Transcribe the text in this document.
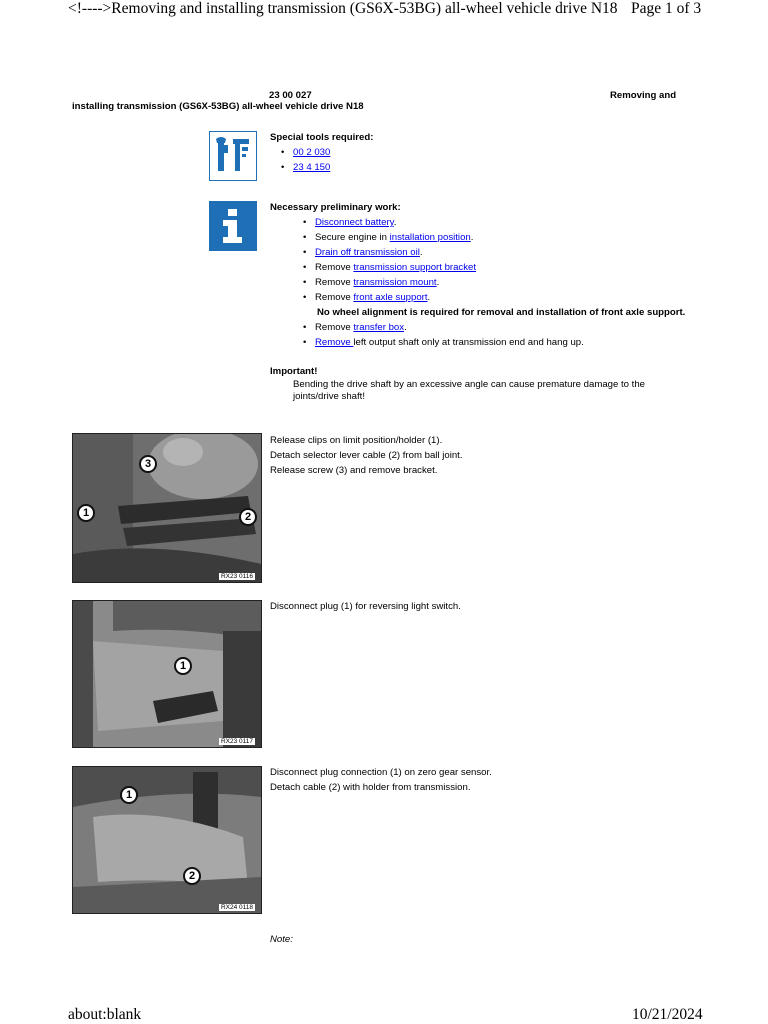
<!---->Removing and installing transmission (GS6X-53BG) all-wheel vehicle drive N18 Page 1 of 3
23 00 027	Removing and
installing transmission (GS6X-53BG) all-wheel vehicle drive N18
Special tools required:
• 00 2 030
• 23 4 150
Necessary preliminary work:
• Disconnect battery.
• Secure engine in installation position.
• Drain off transmission oil.
• Remove transmission support bracket
• Remove transmission mount.
• Remove front axle support.
No wheel alignment is required for removal and installation of front axle support.
• Remove transfer box.
• Remove left output shaft only at transmission end and hang up.
Important!
Bending the drive shaft by an excessive angle can cause premature damage to the joints/drive shaft!
3
1	2
RX23 0116
Release clips on limit position/holder (1).
Detach selector lever cable (2) from ball joint.
Release screw (3) and remove bracket.
1
RX23 0117
Disconnect plug (1) for reversing light switch.
1
2
RX24 0118
Disconnect plug connection (1) on zero gear sensor.
Detach cable (2) with holder from transmission.
Note:
about:blank	10/21/2024
